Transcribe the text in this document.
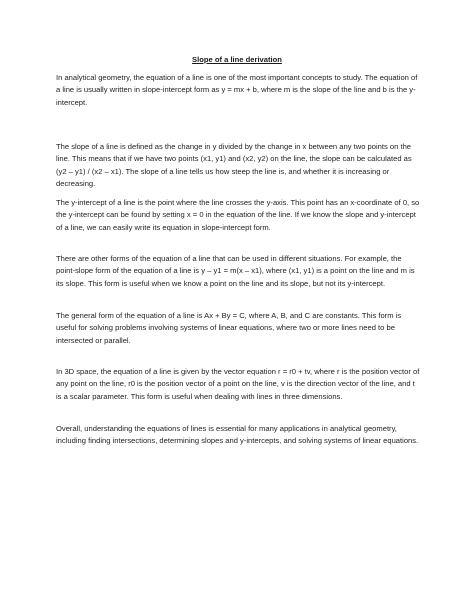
Slope of a line derivation

In analytical geometry, the equation of a line is one of the most important concepts to study. The equation of a line is usually written in slope-intercept form as y = mx + b, where m is the slope of the line and b is the y-intercept.

The slope of a line is defined as the change in y divided by the change in x between any two points on the line. This means that if we have two points (x1, y1) and (x2, y2) on the line, the slope can be calculated as (y2 – y1) / (x2 – x1). The slope of a line tells us how steep the line is, and whether it is increasing or decreasing.

The y-intercept of a line is the point where the line crosses the y-axis. This point has an x-coordinate of 0, so the y-intercept can be found by setting x = 0 in the equation of the line. If we know the slope and y-intercept of a line, we can easily write its equation in slope-intercept form.

There are other forms of the equation of a line that can be used in different situations. For example, the point-slope form of the equation of a line is y – y1 = m(x – x1), where (x1, y1) is a point on the line and m is its slope. This form is useful when we know a point on the line and its slope, but not its y-intercept.

The general form of the equation of a line is Ax + By = C, where A, B, and C are constants. This form is useful for solving problems involving systems of linear equations, where two or more lines need to be intersected or parallel.

In 3D space, the equation of a line is given by the vector equation r = r0 + tv, where r is the position vector of any point on the line, r0 is the position vector of a point on the line, v is the direction vector of the line, and t is a scalar parameter. This form is useful when dealing with lines in three dimensions.

Overall, understanding the equations of lines is essential for many applications in analytical geometry, including finding intersections, determining slopes and y-intercepts, and solving systems of linear equations.
